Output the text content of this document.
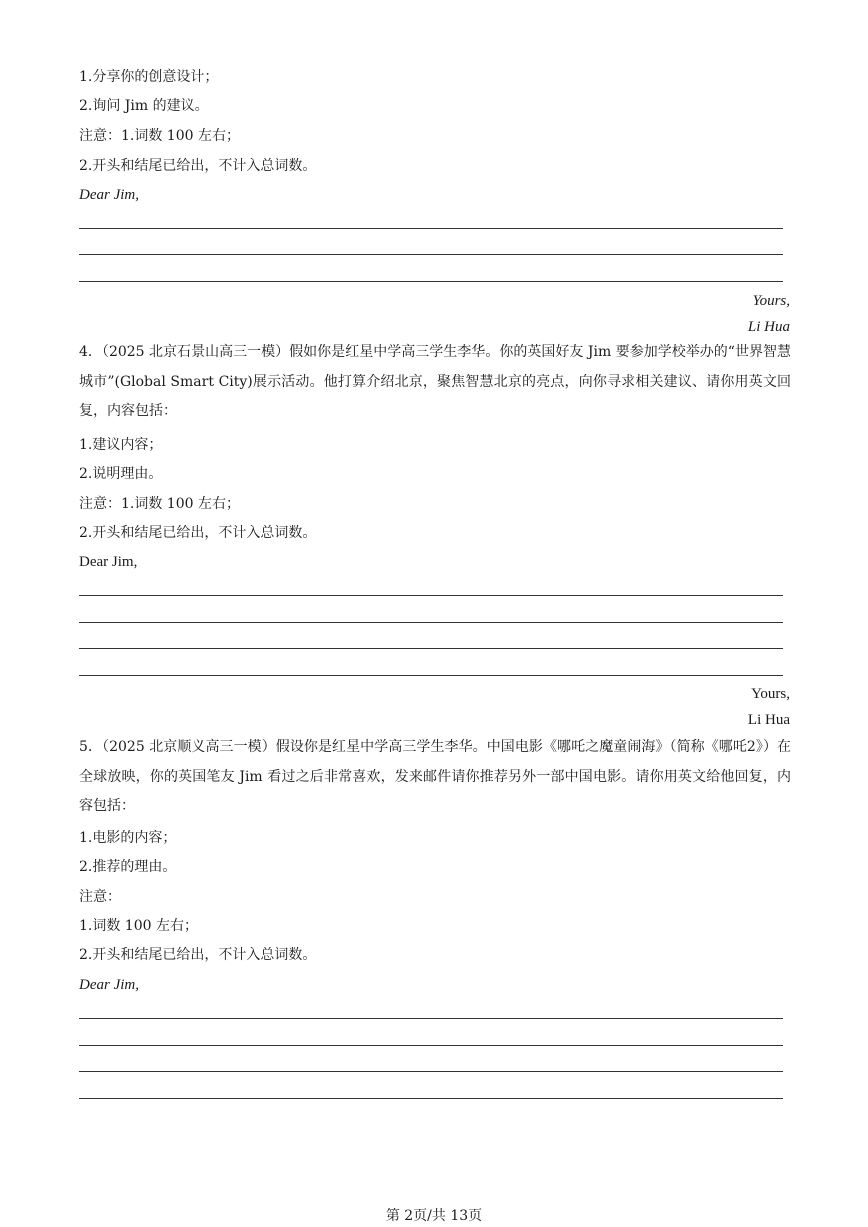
1.分享你的创意设计；
2.询问 Jim 的建议。
注意：1.词数 100 左右；
2.开头和结尾已给出，不计入总词数。
Dear Jim,
Yours,
Li Hua
4．（2025 北京石景山高三一模）假如你是红星中学高三学生李华。你的英国好友 Jim 要参加学校举办的“世界智慧城市”(Global Smart City)展示活动。他打算介绍北京，聚焦智慧北京的亮点，向你寻求相关建议、请你用英文回复，内容包括：
1.建议内容；
2.说明理由。
注意：1.词数 100 左右；
2.开头和结尾已给出，不计入总词数。
Dear Jim,
Yours,
Li Hua
5．（2025 北京顺义高三一模）假设你是红星中学高三学生李华。中国电影《哪吒之魔童闹海》（简称《哪吒2》）在全球放映，你的英国笔友 Jim 看过之后非常喜欢，发来邮件请你推荐另外一部中国电影。请你用英文给他回复，内容包括：
1.电影的内容；
2.推荐的理由。
注意：
1.词数 100 左右；
2.开头和结尾已给出，不计入总词数。
Dear Jim,
第 2页/共 13页
